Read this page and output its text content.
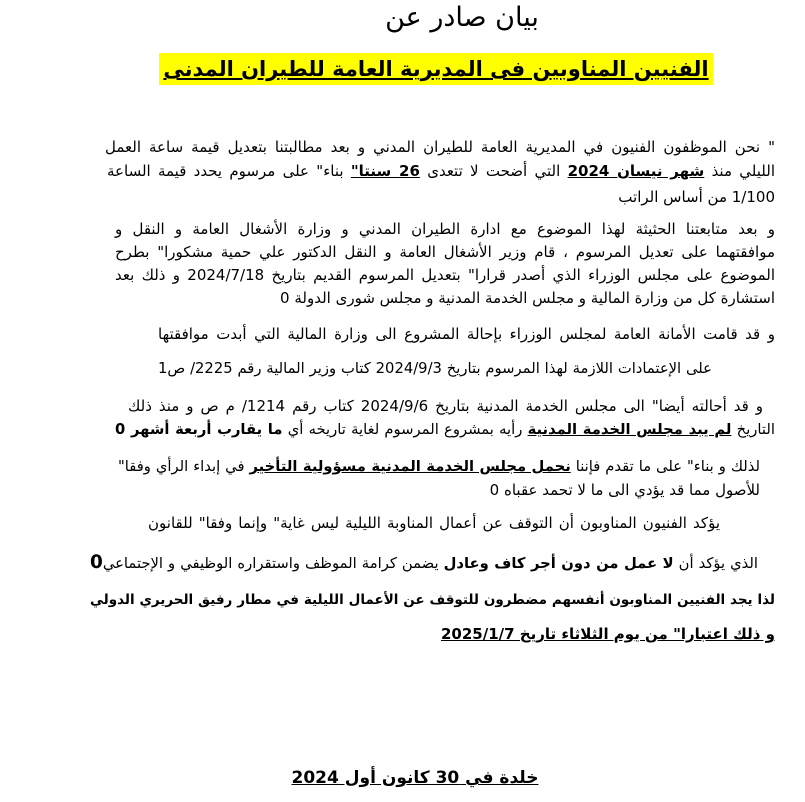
بيان صادر عن
الفنيين المناوبين فى المديرية العامة للطيران المدنى
" نحن الموظفون الفنيون في المديرية العامة للطيران المدني و بعد مطالبتنا بتعديل قيمة ساعة العمل
الليلي منذ شهر نيسان 2024 التي أضحت لا تتعدى 26 سنتا" بناء" على مرسوم يحدد قيمة الساعة
1/100 من أساس الراتب
و بعد متابعتنا الحثيثة لهذا الموضوع مع ادارة الطيران المدني و وزارة الأشغال العامة و النقل و
موافقتهما على تعديل المرسوم ، قام وزير الأشغال العامة و النقل الدكتور علي حمية مشكورا" بطرح
الموضوع على مجلس الوزراء الذي أصدر قرارا" بتعديل المرسوم القديم بتاريخ 2024/7/18 و ذلك بعد
استشارة كل من وزارة المالية و مجلس الخدمة المدنية و مجلس شورى الدولة 0
و قد قامت الأمانة العامة لمجلس الوزراء بإحالة المشروع الى وزارة المالية التي أبدت موافقتها
على الإعتمادات اللازمة لهذا المرسوم بتاريخ 2024/9/3 كتاب وزير المالية رقم 2225/ ص1
و قد أحالته أيضا" الى مجلس الخدمة المدنية بتاريخ 2024/9/6 كتاب رقم 1214/ م ص و منذ ذلك
التاريخ لم يبد مجلس الخدمة المدنية رأيه بمشروع المرسوم لغاية تاريخه أي ما يقارب أربعة أشهر 0
لذلك و بناء" على ما تقدم فإننا نحمل مجلس الخدمة المدنية مسؤولية التأخير في إبداء الرأي وفقا"
للأصول مما قد يؤدي الى ما لا تحمد عقباه 0
يؤكد الفنيون المناوبون أن التوقف عن أعمال المناوبة الليلية ليس غاية" وإنما وفقا" للقانون
الذي يؤكد أن لا عمل من دون أجر كاف وعادل يضمن كرامة الموظف واستقراره الوظيفي و الإجتماعي0
لذا يجد الفنيين المناوبون أنفسهم مضطرون للتوقف عن الأعمال الليلية في مطار رفيق الحريري الدولي
و ذلك اعتبارا" من يوم الثلاثاء تاريخ 2025/1/7
خلدة في 30 كانون أول 2024
